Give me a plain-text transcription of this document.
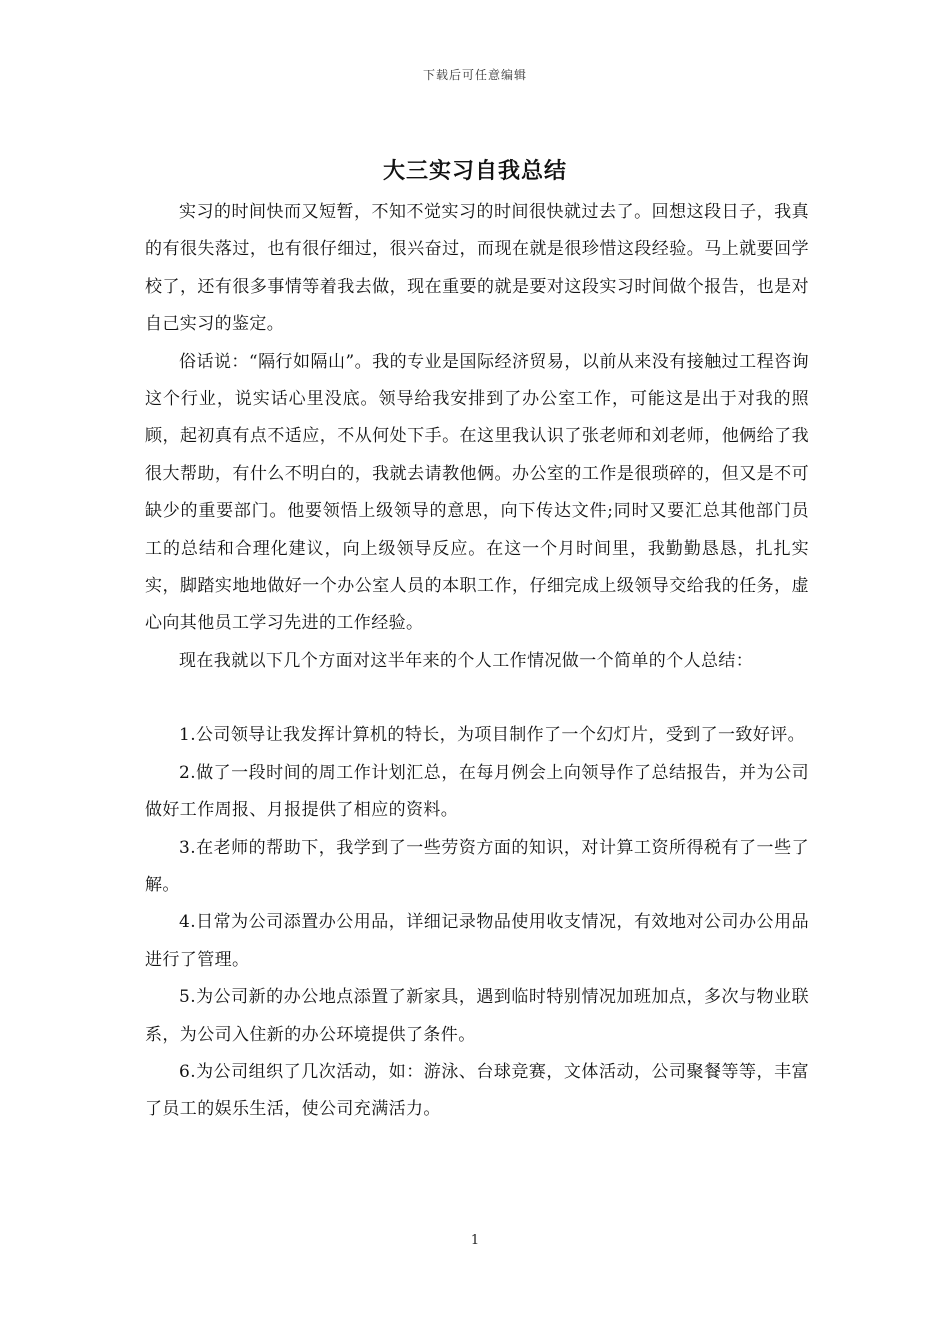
下载后可任意编辑
大三实习自我总结

实习的时间快而又短暂，不知不觉实习的时间很快就过去了。回想这段日子，我真的有很失落过，也有很仔细过，很兴奋过，而现在就是很珍惜这段经验。马上就要回学校了，还有很多事情等着我去做，现在重要的就是要对这段实习时间做个报告，也是对自己实习的鉴定。

俗话说：“隔行如隔山”。我的专业是国际经济贸易，以前从来没有接触过工程咨询这个行业，说实话心里没底。领导给我安排到了办公室工作，可能这是出于对我的照顾，起初真有点不适应，不从何处下手。在这里我认识了张老师和刘老师，他俩给了我很大帮助，有什么不明白的，我就去请教他俩。办公室的工作是很琐碎的，但又是不可缺少的重要部门。他要领悟上级领导的意思，向下传达文件;同时又要汇总其他部门员工的总结和合理化建议，向上级领导反应。在这一个月时间里，我勤勤恳恳，扎扎实实，脚踏实地地做好一个办公室人员的本职工作，仔细完成上级领导交给我的任务，虚心向其他员工学习先进的工作经验。

现在我就以下几个方面对这半年来的个人工作情况做一个简单的个人总结：

1.公司领导让我发挥计算机的特长，为项目制作了一个幻灯片，受到了一致好评。

2.做了一段时间的周工作计划汇总，在每月例会上向领导作了总结报告，并为公司做好工作周报、月报提供了相应的资料。

3.在老师的帮助下，我学到了一些劳资方面的知识，对计算工资所得税有了一些了解。

4.日常为公司添置办公用品，详细记录物品使用收支情况，有效地对公司办公用品进行了管理。

5.为公司新的办公地点添置了新家具，遇到临时特别情况加班加点，多次与物业联系，为公司入住新的办公环境提供了条件。

6.为公司组织了几次活动，如：游泳、台球竞赛，文体活动，公司聚餐等等，丰富了员工的娱乐生活，使公司充满活力。

1
